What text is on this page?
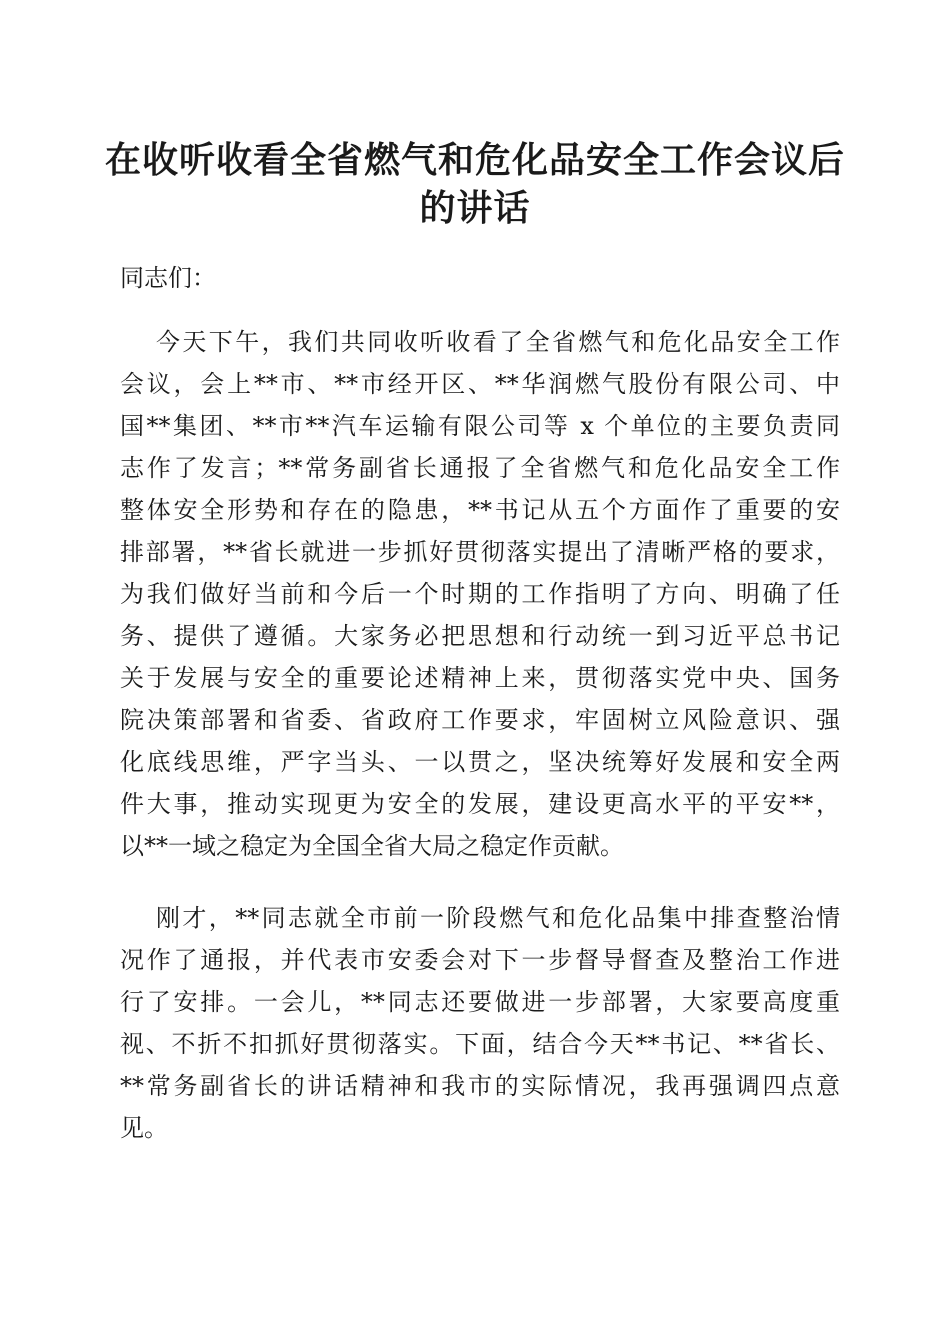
在收听收看全省燃气和危化品安全工作会议后
的讲话

同志们：

今天下午，我们共同收听收看了全省燃气和危化品安全工作
会议，会上**市、**市经开区、**华润燃气股份有限公司、中
国**集团、**市**汽车运输有限公司等 x 个单位的主要负责同
志作了发言；**常务副省长通报了全省燃气和危化品安全工作
整体安全形势和存在的隐患，**书记从五个方面作了重要的安
排部署，**省长就进一步抓好贯彻落实提出了清晰严格的要求，
为我们做好当前和今后一个时期的工作指明了方向、明确了任
务、提供了遵循。大家务必把思想和行动统一到习近平总书记
关于发展与安全的重要论述精神上来，贯彻落实党中央、国务
院决策部署和省委、省政府工作要求，牢固树立风险意识、强
化底线思维，严字当头、一以贯之，坚决统筹好发展和安全两
件大事，推动实现更为安全的发展，建设更高水平的平安**，
以**一域之稳定为全国全省大局之稳定作贡献。
刚才，**同志就全市前一阶段燃气和危化品集中排查整治情
况作了通报，并代表市安委会对下一步督导督查及整治工作进
行了安排。一会儿，**同志还要做进一步部署，大家要高度重
视、不折不扣抓好贯彻落实。下面，结合今天**书记、**省长、
**常务副省长的讲话精神和我市的实际情况，我再强调四点意
见。
